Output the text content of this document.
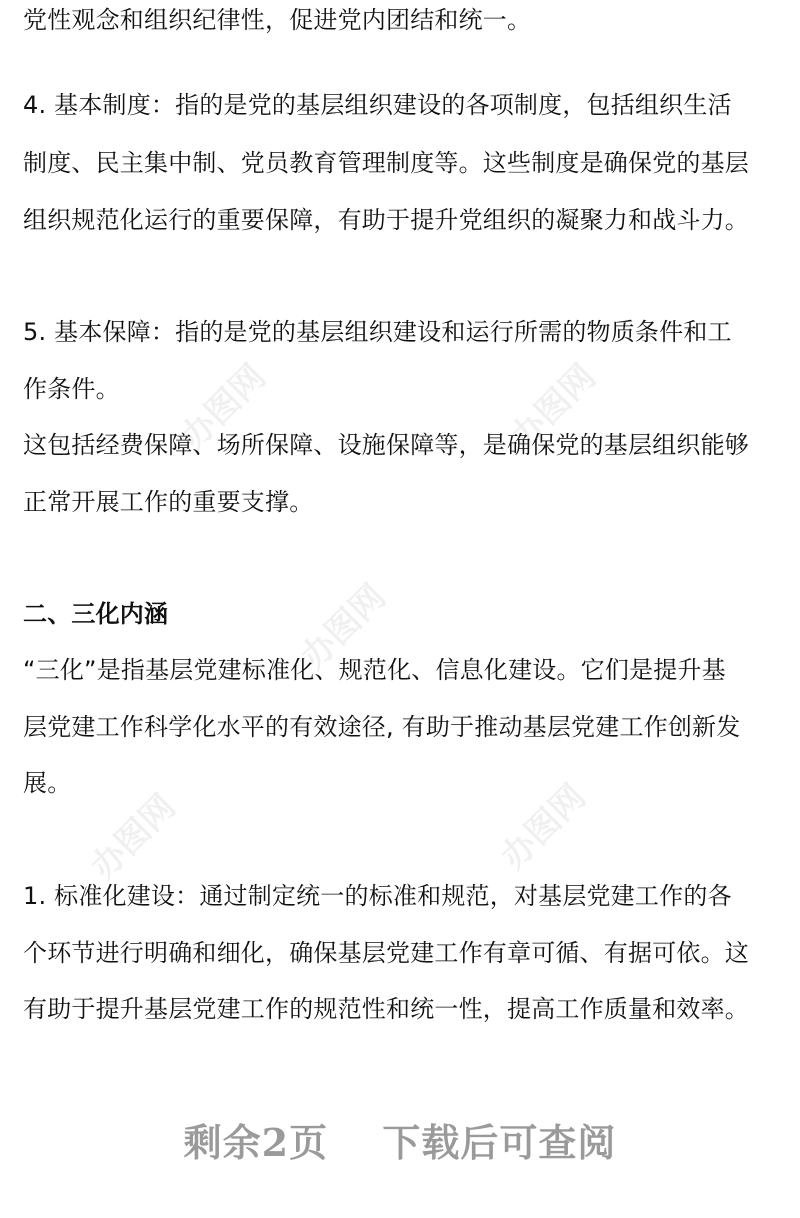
办图网	办图网
办图网
办图网	办图网
党性观念和组织纪律性，促进党内团结和统一。
4. 基本制度：指的是党的基层组织建设的各项制度，包括组织生活
制度、民主集中制、党员教育管理制度等。这些制度是确保党的基层
组织规范化运行的重要保障，有助于提升党组织的凝聚力和战斗力。
5. 基本保障：指的是党的基层组织建设和运行所需的物质条件和工
作条件。
这包括经费保障、场所保障、设施保障等，是确保党的基层组织能够
正常开展工作的重要支撑。
二、三化内涵
“三化”是指基层党建标准化、规范化、信息化建设。它们是提升基
层党建工作科学化水平的有效途径, 有助于推动基层党建工作创新发
展。
1. 标准化建设：通过制定统一的标准和规范，对基层党建工作的各
个环节进行明确和细化，确保基层党建工作有章可循、有据可依。这
有助于提升基层党建工作的规范性和统一性，提高工作质量和效率。
剩余2页 下载后可查阅
